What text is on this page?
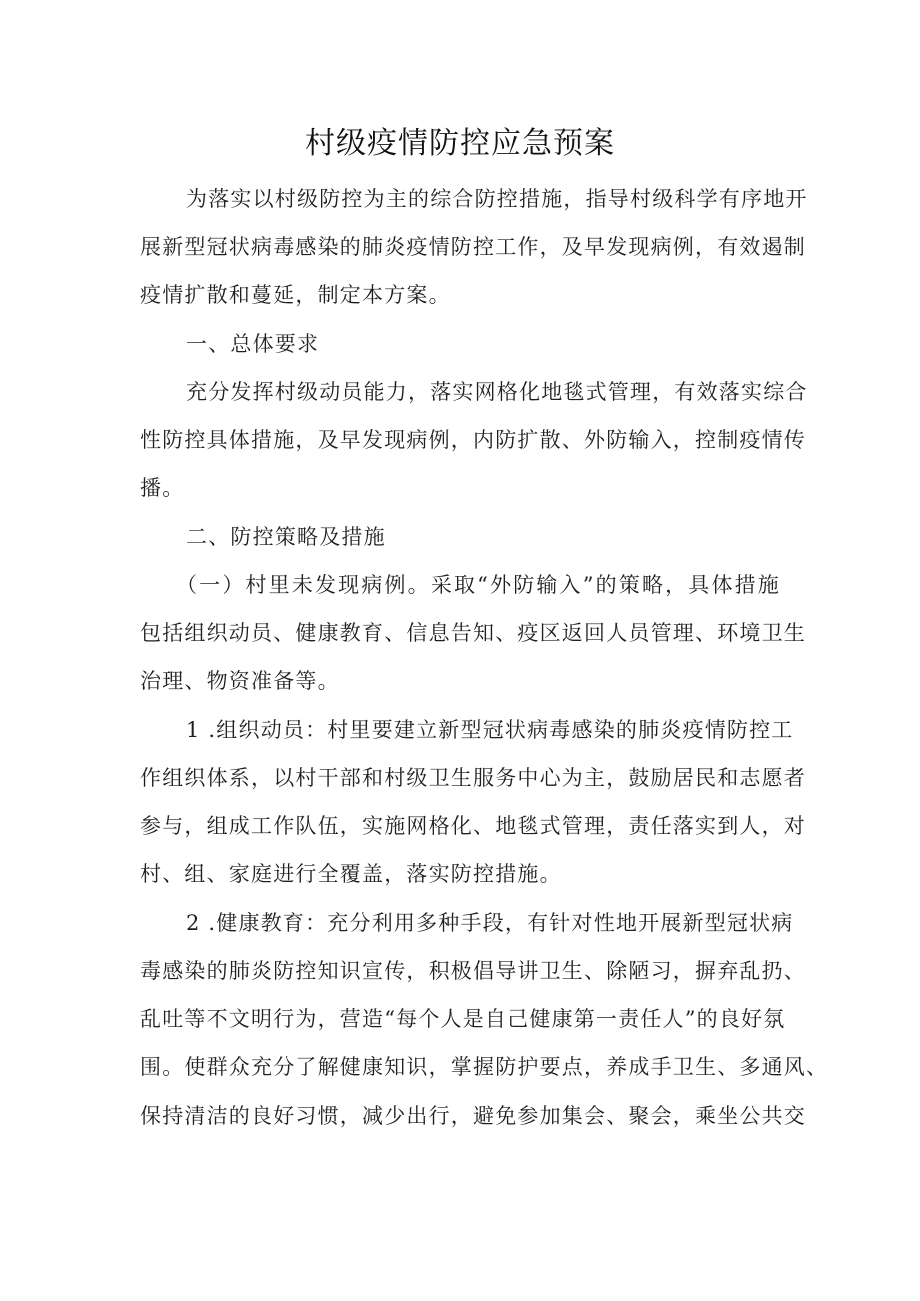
村级疫情防控应急预案
为落实以村级防控为主的综合防控措施，指导村级科学有序地开
展新型冠状病毒感染的肺炎疫情防控工作，及早发现病例，有效遏制
疫情扩散和蔓延，制定本方案。
一、总体要求
充分发挥村级动员能力，落实网格化地毯式管理，有效落实综合
性防控具体措施，及早发现病例，内防扩散、外防输入，控制疫情传
播。
二、防控策略及措施
（一）村里未发现病例。采取“外防输入”的策略，具体措施
包括组织动员、健康教育、信息告知、疫区返回人员管理、环境卫生
治理、物资准备等。
1 .组织动员：村里要建立新型冠状病毒感染的肺炎疫情防控工
作组织体系，以村干部和村级卫生服务中心为主，鼓励居民和志愿者
参与，组成工作队伍，实施网格化、地毯式管理，责任落实到人，对
村、组、家庭进行全覆盖，落实防控措施。
2 .健康教育：充分利用多种手段，有针对性地开展新型冠状病
毒感染的肺炎防控知识宣传，积极倡导讲卫生、除陋习，摒弃乱扔、
乱吐等不文明行为，营造“每个人是自己健康第一责任人”的良好氛
围。使群众充分了解健康知识，掌握防护要点，养成手卫生、多通风、
保持清洁的良好习惯，减少出行，避免参加集会、聚会，乘坐公共交
